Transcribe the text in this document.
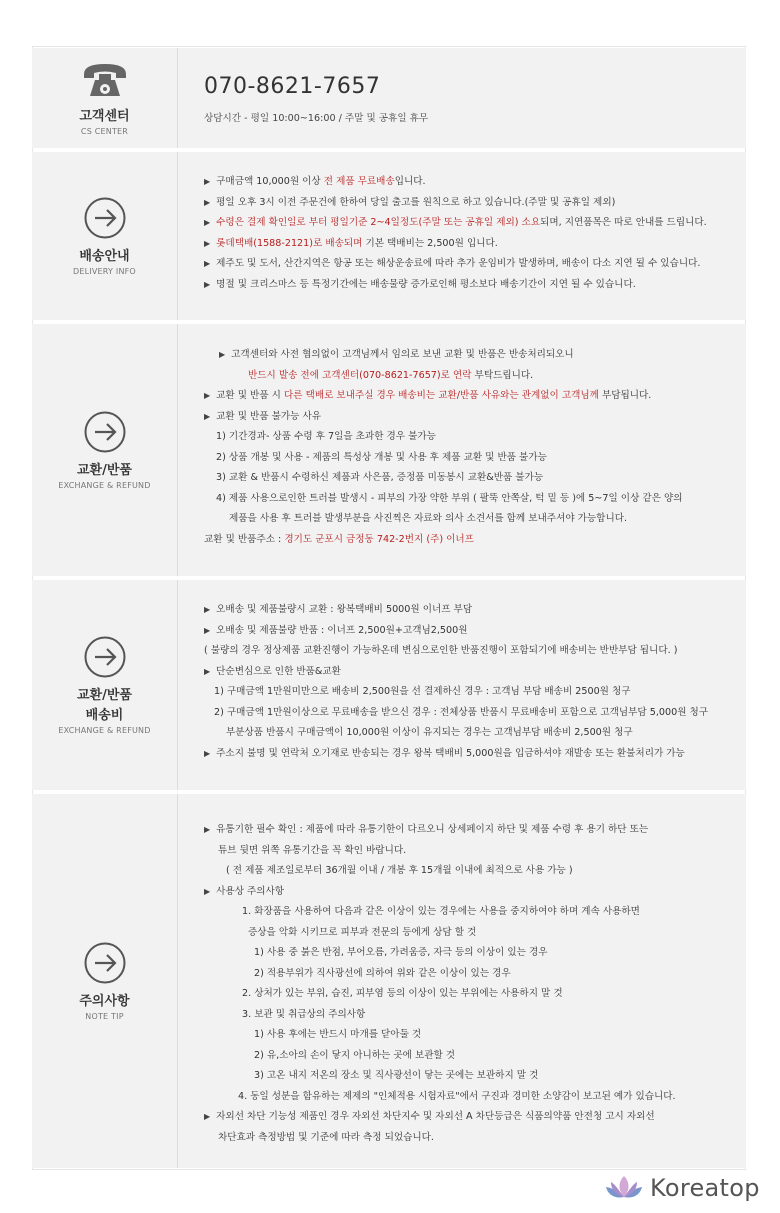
고객센터
CS CENTER
070-8621-7657
상담시간 - 평일 10:00~16:00 / 주말 및 공휴일 휴무
배송안내
DELIVERY INFO
▶ 구매금액 10,000원 이상 전 제품 무료배송입니다.
▶ 평일 오후 3시 이전 주문건에 한하여 당일 출고를 원칙으로 하고 있습니다.(주말 및 공휴일 제외)
▶ 수령은 결제 확인일로 부터 평일기준 2~4일정도(주말 또는 공휴일 제외) 소요되며, 지연품목은 따로 안내를 드립니다.
▶ 롯데택배(1588-2121)로 배송되며 기본 택배비는 2,500원 입니다.
▶ 제주도 및 도서, 산간지역은 항공 또는 해상운송료에 따라 추가 운임비가 발생하며, 배송이 다소 지연 될 수 있습니다.
▶ 명절 및 크리스마스 등 특정기간에는 배송물량 증가로인해 평소보다 배송기간이 지연 될 수 있습니다.
교환/반품
EXCHANGE & REFUND
▶ 고객센터와 사전 협의없이 고객님께서 임의로 보낸 교환 및 반품은 반송처리되오니
반드시 발송 전에 고객센터(070-8621-7657)로 연락 부탁드립니다.
▶ 교환 및 반품 시 다른 택배로 보내주실 경우 배송비는 교환/반품 사유와는 관계없이 고객님께 부담됩니다.
▶ 교환 및 반품 불가능 사유
1) 기간경과- 상품 수령 후 7일을 초과한 경우 불가능
2) 상품 개봉 및 사용 - 제품의 특성상 개봉 및 사용 후 제품 교환 및 반품 불가능
3) 교환 & 반품시 수령하신 제품과 사은품, 증정품 미동봉시 교환&반품 불가능
4) 제품 사용으로인한 트러블 발생시 - 피부의 가장 약한 부위 ( 팔뚝 안쪽살, 턱 밑 등 )에 5~7일 이상 같은 양의
제품을 사용 후 트러블 발생부분을 사진찍은 자료와 의사 소견서를 함께 보내주셔야 가능합니다.
교환 및 반품주소 : 경기도 군포시 금정동 742-2번지 (주) 이너프
교환/반품
배송비
EXCHANGE & REFUND
▶ 오배송 및 제품불량시 교환 : 왕복택배비 5000원 이너프 부담
▶ 오배송 및 제품불량 반품 : 이너프 2,500원+고객님2,500원
( 불량의 경우 정상제품 교환진행이 가능하온데 변심으로인한 반품진행이 포함되기에 배송비는 반반부담 됩니다. )
▶ 단순변심으로 인한 반품&교환
1) 구매금액 1만원미만으로 배송비 2,500원을 선 결제하신 경우 : 고객님 부담 배송비 2500원 청구
2) 구매금액 1만원이상으로 무료배송을 받으신 경우 : 전체상품 반품시 무료배송비 포함으로 고객님부담 5,000원 청구
부분상품 반품시 구매금액이 10,000원 이상이 유지되는 경우는 고객님부담 배송비 2,500원 청구
▶ 주소지 불명 및 연락처 오기재로 반송되는 경우 왕복 택배비 5,000원을 입금하셔야 재발송 또는 환불처리가 가능
주의사항
NOTE TIP
▶ 유통기한 필수 확인 : 제품에 따라 유통기한이 다르오니 상세페이지 하단 및 제품 수령 후 용기 하단 또는
튜브 뒷면 위쪽 유통기간을 꼭 확인 바랍니다.
( 전 제품 제조일로부터 36개월 이내 / 개봉 후 15개월 이내에 최적으로 사용 가능 )
▶ 사용상 주의사항
1. 화장품을 사용하여 다음과 같은 이상이 있는 경우에는 사용을 중지하여야 하며 계속 사용하면
증상을 악화 시키므로 피부과 전문의 등에게 상담 할 것
1) 사용 중 붉은 반점, 부어오름, 가려움증, 자극 등의 이상이 있는 경우
2) 적용부위가 직사광선에 의하여 위와 같은 이상이 있는 경우
2. 상처가 있는 부위, 습진, 피부염 등의 이상이 있는 부위에는 사용하지 말 것
3. 보관 및 취급상의 주의사항
1) 사용 후에는 반드시 마개를 닫아둘 것
2) 유,소아의 손이 닿지 아니하는 곳에 보관할 것
3) 고온 내지 저온의 장소 및 직사광선이 닿는 곳에는 보관하지 말 것
4. 동일 성분을 함유하는 제제의 "인체적용 시험자료"에서 구진과 경미한 소양감이 보고된 예가 있습니다.
▶ 자외선 차단 기능성 제품인 경우 자외선 차단지수 및 자외선 A 차단등급은 식품의약품 안전청 고시 자외선
차단효과 측정방법 및 기준에 따라 측정 되었습니다.
Koreatop
